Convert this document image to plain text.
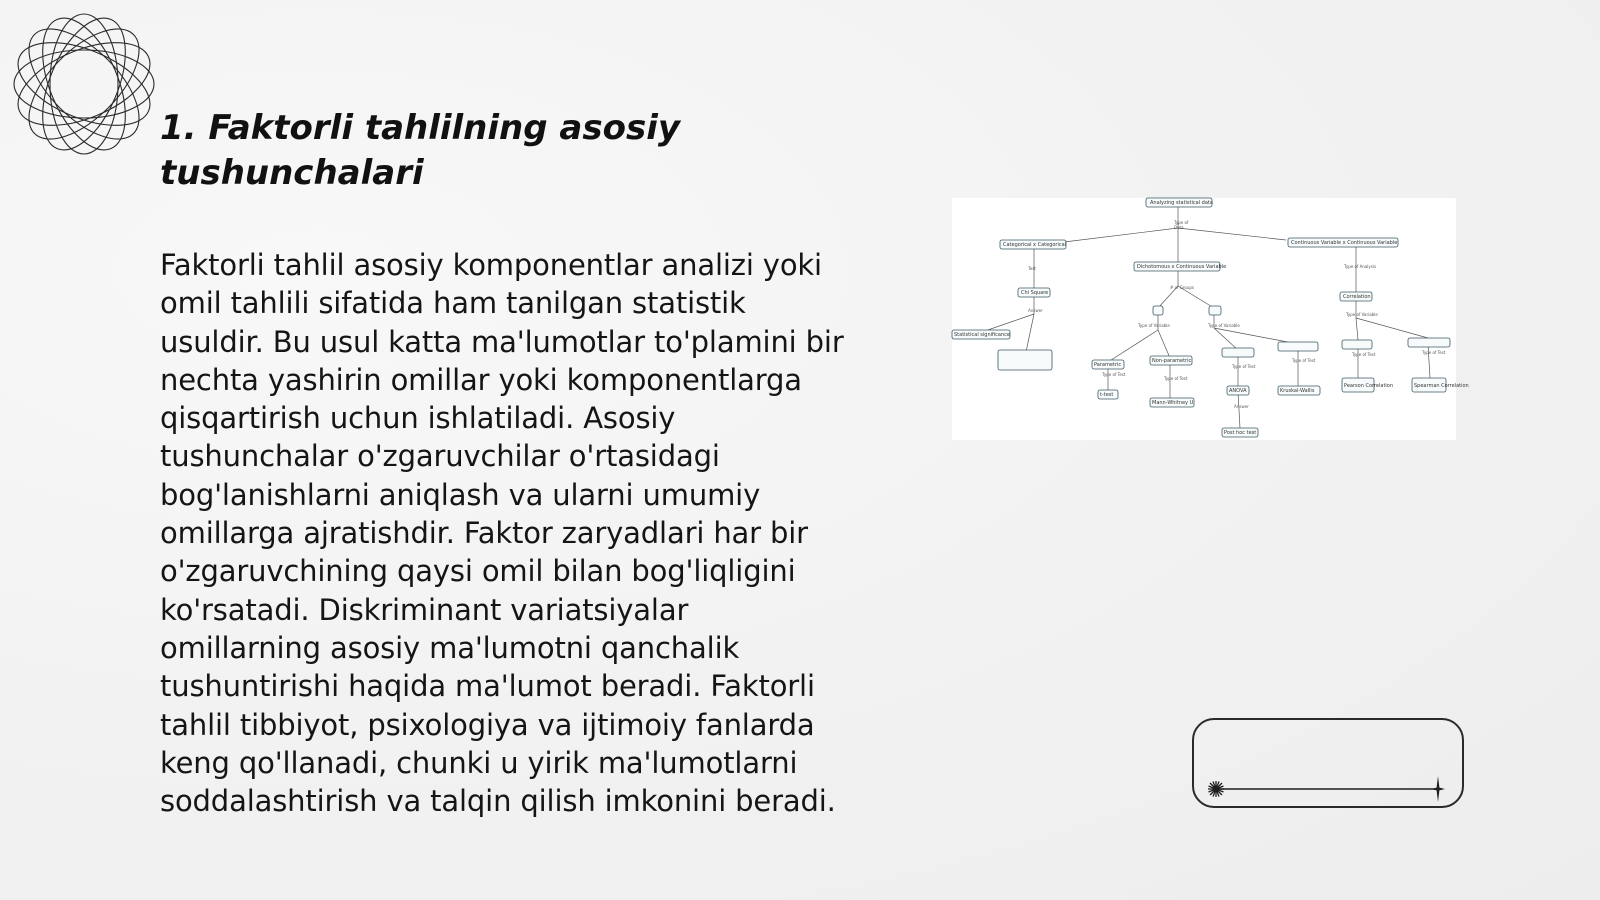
1. Faktorli tahlilning asosiy tushunchalari

Faktorli tahlil asosiy komponentlar analizi yoki omil tahlili sifatida ham tanilgan statistik usuldir. Bu usul katta ma'lumotlar to'plamini bir nechta yashirin omillar yoki komponentlarga qisqartirish uchun ishlatiladi. Asosiy tushunchalar o'zgaruvchilar o'rtasidagi bog'lanishlarni aniqlash va ularni umumiy omillarga ajratishdir. Faktor zaryadlari har bir o'zgaruvchining qaysi omil bilan bog'liqligini ko'rsatadi. Diskriminant variatsiyalar omillarning asosiy ma'lumotni qanchalik tushuntirishi haqida ma'lumot beradi. Faktorli tahlil tibbiyot, psixologiya va ijtimoiy fanlarda keng qo'llanadi, chunki u yirik ma'lumotlarni soddalashtirish va talqin qilish imkonini beradi.

Type of
Data
Test
Answer
# of Groups
Type of Variable	Type of Variable
Type of Test
Type of Test
Type of Test
Type of Test
Answer
Type of Analysis
Type of Variable
Type of Test	Type of Test
Analyzing statistical data
Categorical x Categorical
Dichotomous x Continuous Variable
Continuous Variable x Continuous Variable
Chi Square
Correlation
Statistical significance
Parametric
Non-parametric
t-test
Mann-Whitney U
ANOVA	Kruskal-Wallis
Pearson Correlation	Spearman Correlation
Post hoc test
